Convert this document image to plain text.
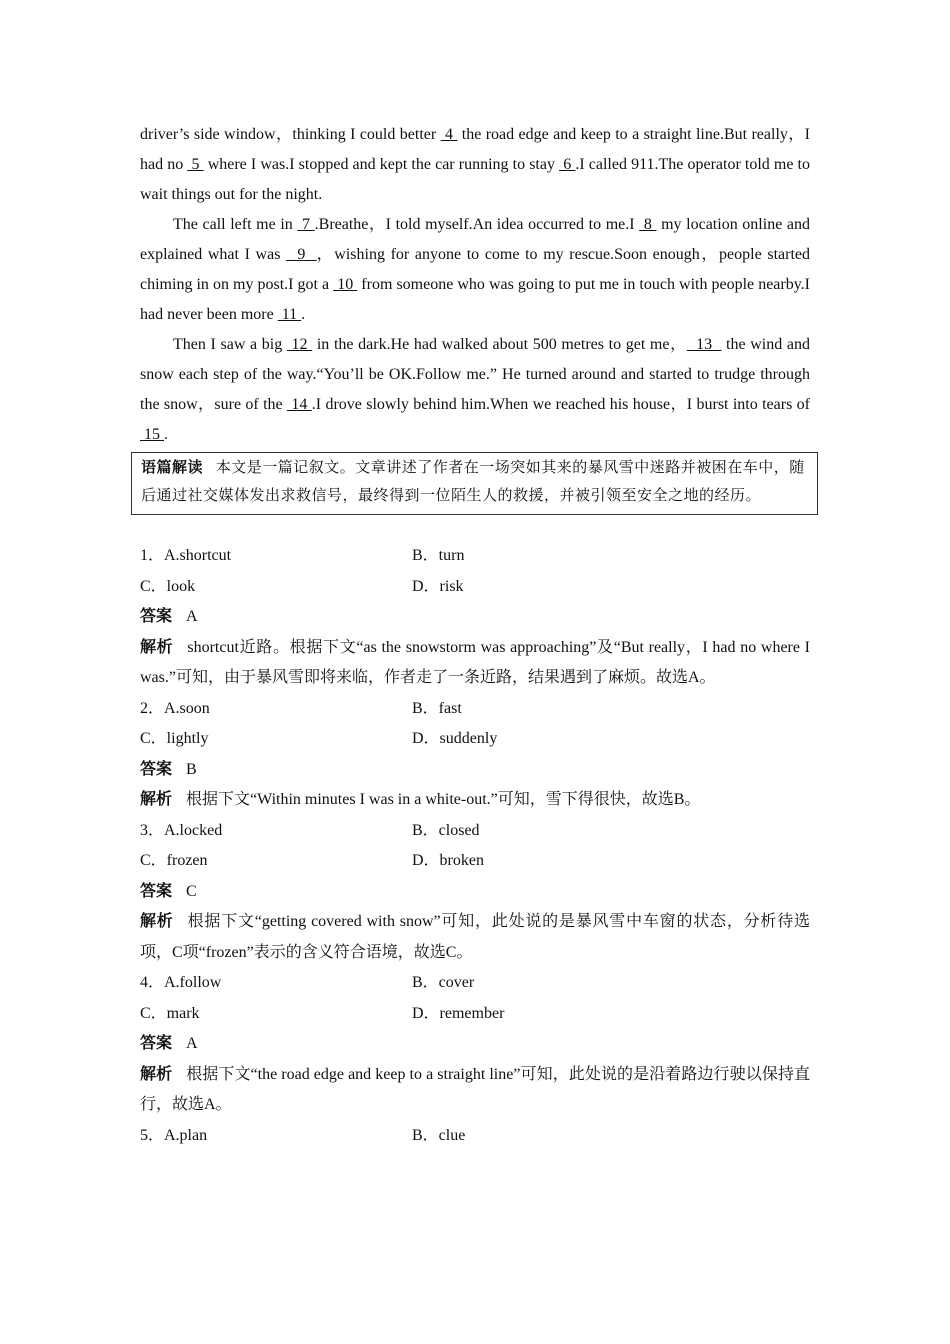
driver’s side window，thinking I could better  4  the road edge and keep to a straight line.But really，I had no  5  where I was.I stopped and kept the car running to stay  6 .I called 911.The operator told me to wait things out for the night.

The call left me in  7 .Breathe，I told myself.An idea occurred to me.I  8  my location online and explained what I was   9  ，wishing for anyone to come to my rescue.Soon enough，people started chiming in on my post.I got a  10  from someone who was going to put me in touch with people nearby.I had never been more  11 .

Then I saw a big  12  in the dark.He had walked about 500 metres to get me，  13   the wind and snow each step of the way.“You’ll be OK.Follow me.” He turned around and started to trudge through the snow，sure of the  14 .I drove slowly behind him.When we reached his house，I burst into tears of  15 .

语篇解读 本文是一篇记叙文。文章讲述了作者在一场突如其来的暴风雪中迷路并被困在车中，随后通过社交媒体发出求救信号，最终得到一位陌生人的救援，并被引领至安全之地的经历。
1．A.shortcut	B．turn
C．look	D．risk

答案 A

解析 shortcut近路。根据下文“as the snowstorm was approaching”及“But really，I had no where I was.”可知，由于暴风雪即将来临，作者走了一条近路，结果遇到了麻烦。故选A。

2．A.soon	B．fast
C．lightly	D．suddenly

答案 B

解析 根据下文“Within minutes I was in a white-out.”可知，雪下得很快，故选B。

3．A.locked	B．closed
C．frozen	D．broken

答案 C

解析 根据下文“getting covered with snow”可知，此处说的是暴风雪中车窗的状态，分析待选项，C项“frozen”表示的含义符合语境，故选C。

4．A.follow	B．cover
C．mark	D．remember

答案 A

解析 根据下文“the road edge and keep to a straight line”可知，此处说的是沿着路边行驶以保持直行，故选A。

5．A.plan	B．clue
